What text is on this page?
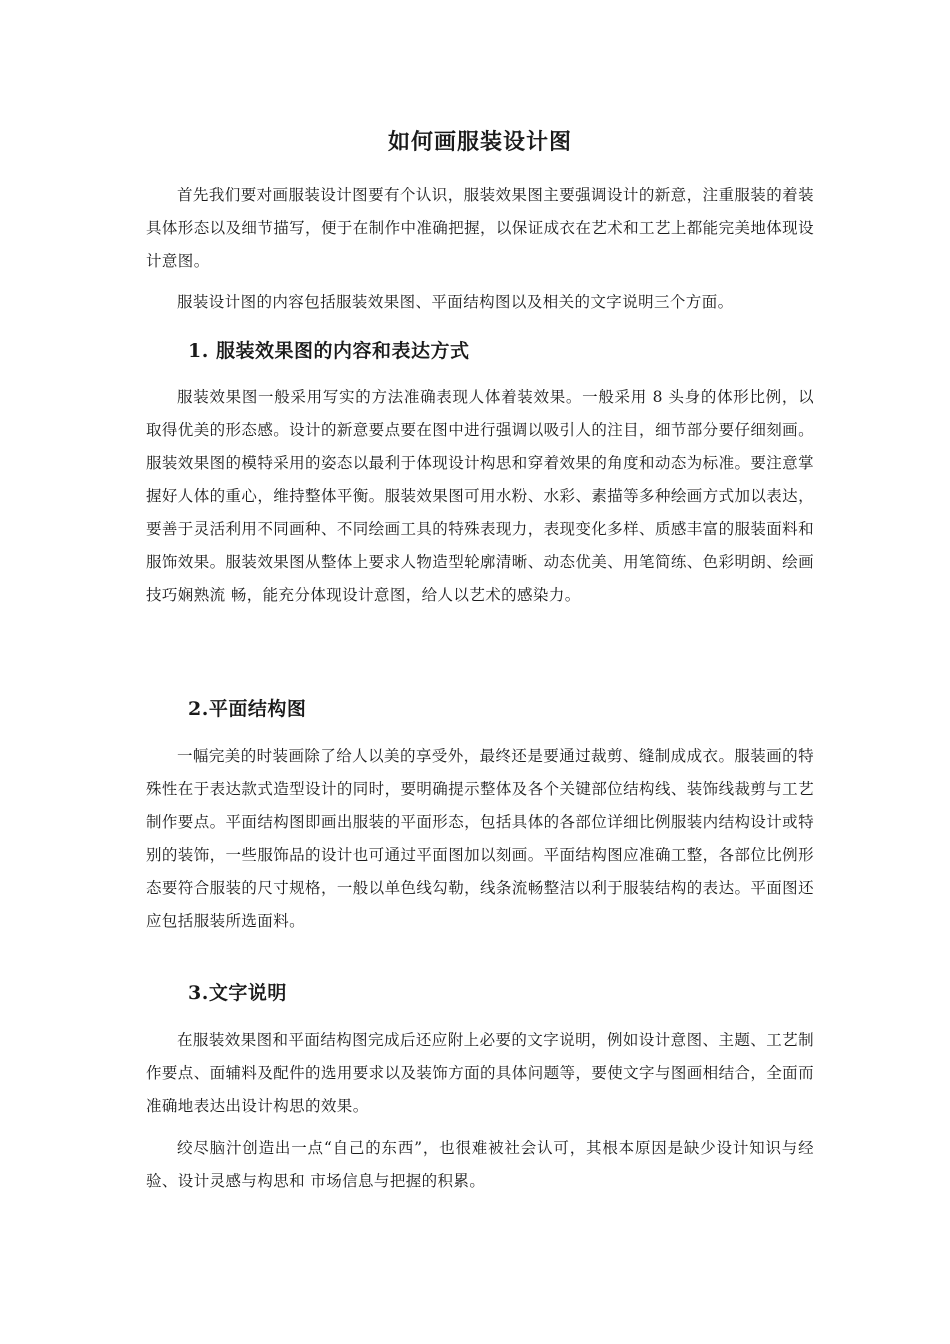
如何画服装设计图

首先我们要对画服装设计图要有个认识，服装效果图主要强调设计的新意，注重服装的着装具体形态以及细节描写，便于在制作中准确把握，以保证成衣在艺术和工艺上都能完美地体现设计意图。

服装设计图的内容包括服装效果图、平面结构图以及相关的文字说明三个方面。

1. 服装效果图的内容和表达方式

服装效果图一般采用写实的方法准确表现人体着装效果。一般采用 8 头身的体形比例，以取得优美的形态感。设计的新意要点要在图中进行强调以吸引人的注目，细节部分要仔细刻画。服装效果图的模特采用的姿态以最利于体现设计构思和穿着效果的角度和动态为标准。要注意掌握好人体的重心，维持整体平衡。服装效果图可用水粉、水彩、素描等多种绘画方式加以表达，要善于灵活利用不同画种、不同绘画工具的特殊表现力，表现变化多样、质感丰富的服装面料和服饰效果。服装效果图从整体上要求人物造型轮廓清晰、动态优美、用笔简练、色彩明朗、绘画技巧娴熟流 畅，能充分体现设计意图，给人以艺术的感染力。

2.平面结构图

一幅完美的时装画除了给人以美的享受外，最终还是要通过裁剪、缝制成成衣。服装画的特殊性在于表达款式造型设计的同时，要明确提示整体及各个关键部位结构线、装饰线裁剪与工艺制作要点。平面结构图即画出服装的平面形态，包括具体的各部位详细比例服装内结构设计或特别的装饰，一些服饰品的设计也可通过平面图加以刻画。平面结构图应准确工整，各部位比例形态要符合服装的尺寸规格，一般以单色线勾勒，线条流畅整洁以利于服装结构的表达。平面图还应包括服装所选面料。

3.文字说明

在服装效果图和平面结构图完成后还应附上必要的文字说明，例如设计意图、主题、工艺制作要点、面辅料及配件的选用要求以及装饰方面的具体问题等，要使文字与图画相结合，全面而准确地表达出设计构思的效果。

绞尽脑汁创造出一点“自己的东西”，也很难被社会认可，其根本原因是缺少设计知识与经验、设计灵感与构思和 市场信息与把握的积累。
